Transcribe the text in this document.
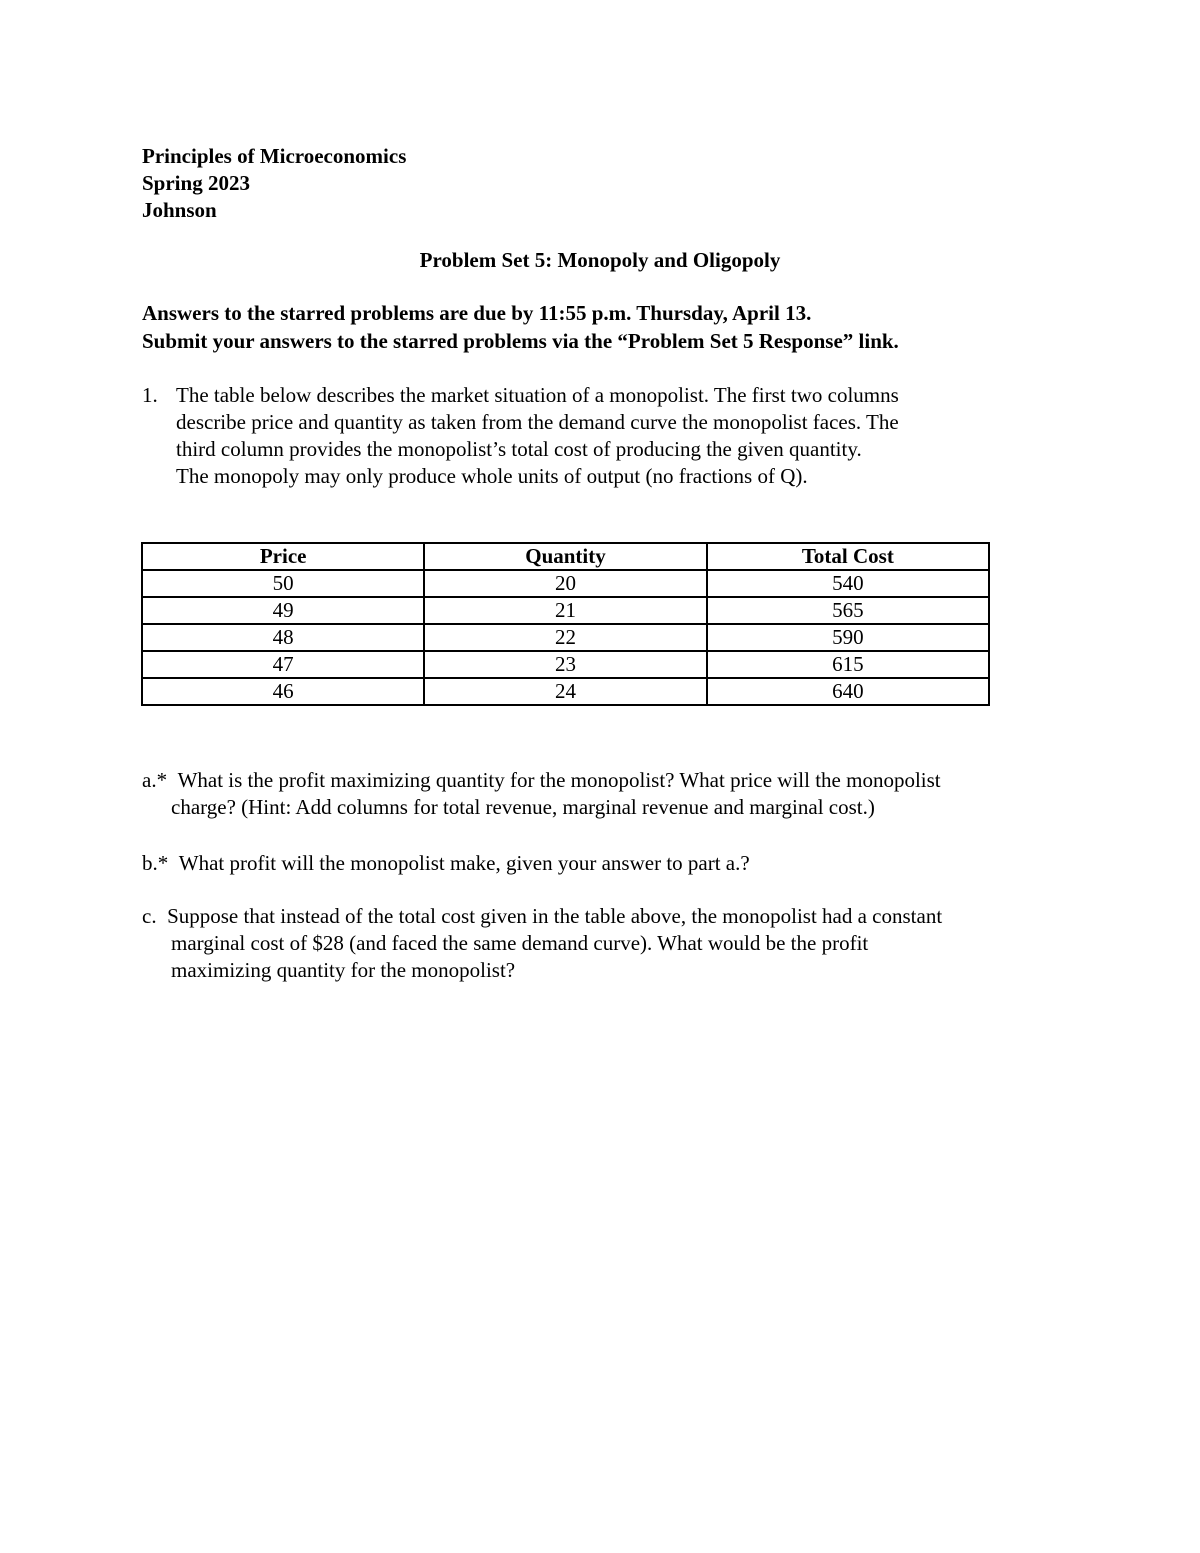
Principles of Microeconomics
Spring 2023
Johnson
Problem Set 5: Monopoly and Oligopoly
Answers to the starred problems are due by 11:55 p.m. Thursday, April 13.
Submit your answers to the starred problems via the “Problem Set 5 Response” link.
1. The table below describes the market situation of a monopolist. The first two columns
describe price and quantity as taken from the demand curve the monopolist faces. The
third column provides the monopolist’s total cost of producing the given quantity.
The monopoly may only produce whole units of output (no fractions of Q).
Price	Quantity	Total Cost
50	20	540
49	21	565
48	22	590
47	23	615
46	24	640
a.* What is the profit maximizing quantity for the monopolist? What price will the monopolist
charge? (Hint: Add columns for total revenue, marginal revenue and marginal cost.)
b.* What profit will the monopolist make, given your answer to part a.?
c. Suppose that instead of the total cost given in the table above, the monopolist had a constant
marginal cost of $28 (and faced the same demand curve). What would be the profit
maximizing quantity for the monopolist?
